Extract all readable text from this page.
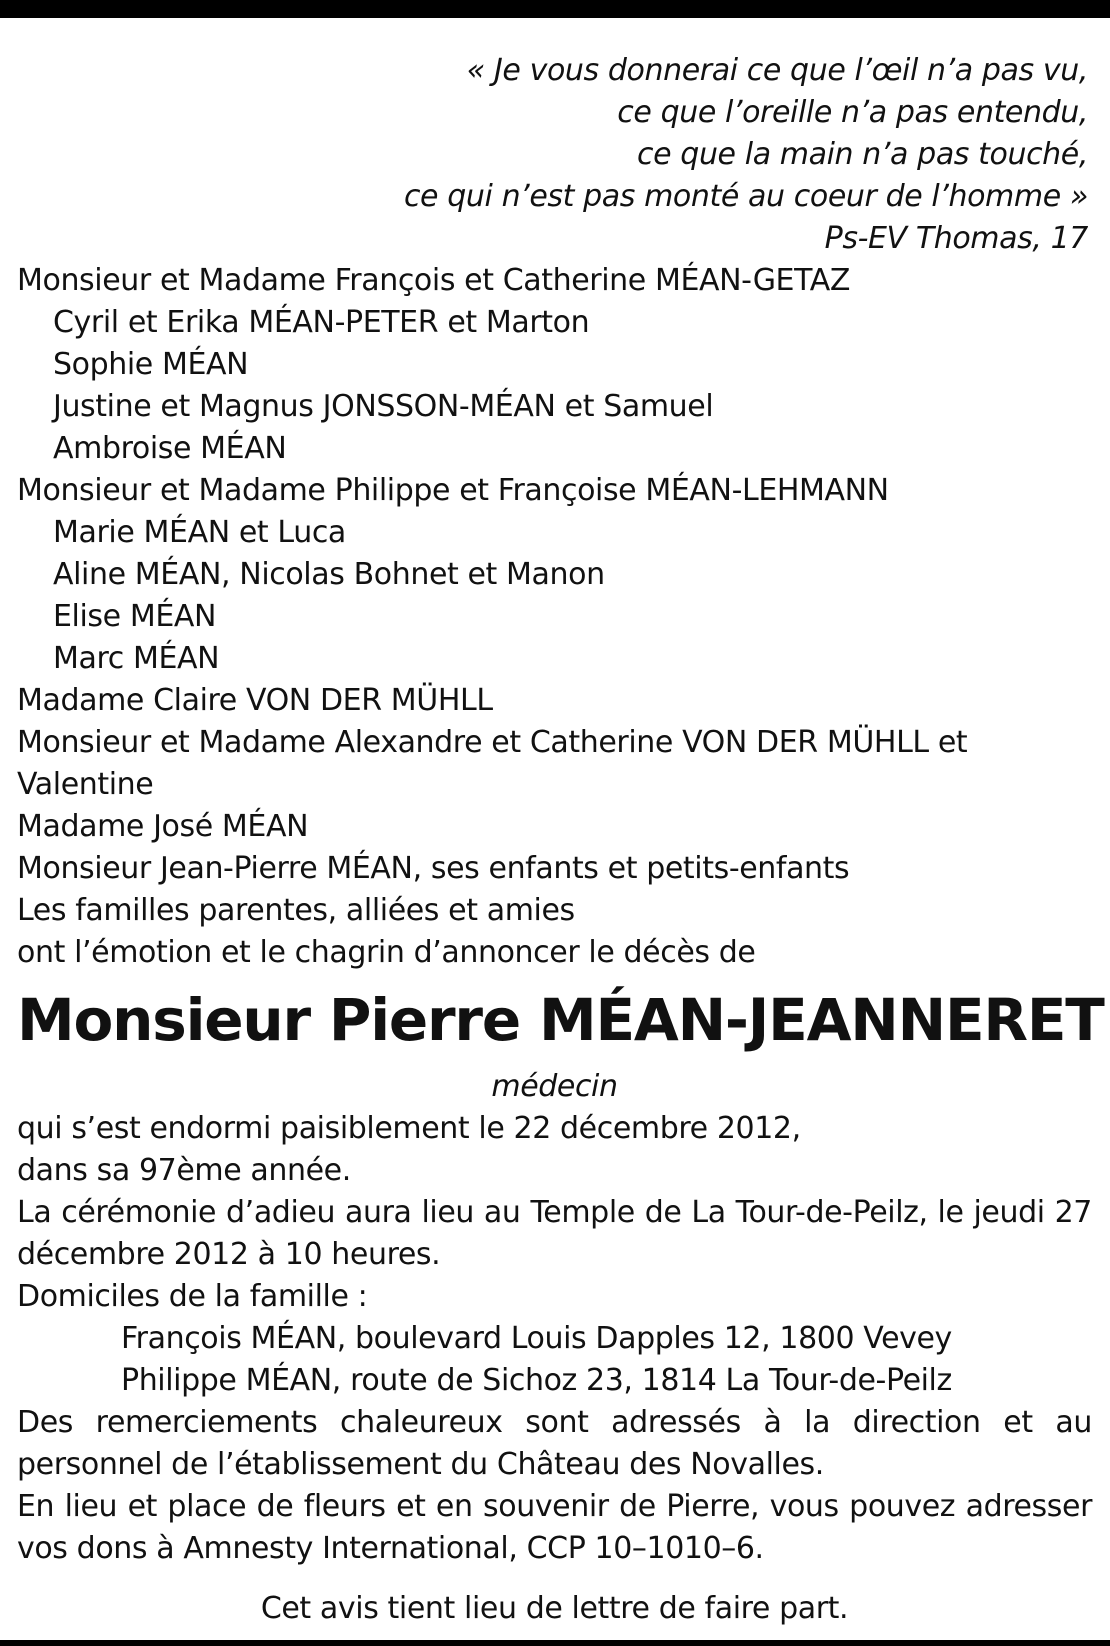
« Je vous donnerai ce que l’œil n’a pas vu,
ce que l’oreille n’a pas entendu,
ce que la main n’a pas touché,
ce qui n’est pas monté au coeur de l’homme »
Ps-EV Thomas, 17
Monsieur et Madame François et Catherine MÉAN-GETAZ
Cyril et Erika MÉAN-PETER et Marton
Sophie MÉAN
Justine et Magnus JONSSON-MÉAN et Samuel
Ambroise MÉAN
Monsieur et Madame Philippe et Françoise MÉAN-LEHMANN
Marie MÉAN et Luca
Aline MÉAN, Nicolas Bohnet et Manon
Elise MÉAN
Marc MÉAN
Madame Claire VON DER MÜHLL
Monsieur et Madame Alexandre et Catherine VON DER MÜHLL et Valentine
Madame José MÉAN
Monsieur Jean-Pierre MÉAN, ses enfants et petits-enfants
Les familles parentes, alliées et amies
ont l’émotion et le chagrin d’annoncer le décès de
Monsieur Pierre MÉAN-JEANNERET
médecin
qui s’est endormi paisiblement le 22 décembre 2012,
dans sa 97ème année.
La cérémonie d’adieu aura lieu au Temple de La Tour-de-Peilz, le jeudi 27 décembre 2012 à 10 heures.
Domiciles de la famille :
François MÉAN, boulevard Louis Dapples 12, 1800 Vevey
Philippe MÉAN, route de Sichoz 23, 1814 La Tour-de-Peilz
Des remerciements chaleureux sont adressés à la direction et au personnel de l’établissement du Château des Novalles.
En lieu et place de fleurs et en souvenir de Pierre, vous pouvez adresser vos dons à Amnesty International, CCP 10–1010–6.
Cet avis tient lieu de lettre de faire part.
